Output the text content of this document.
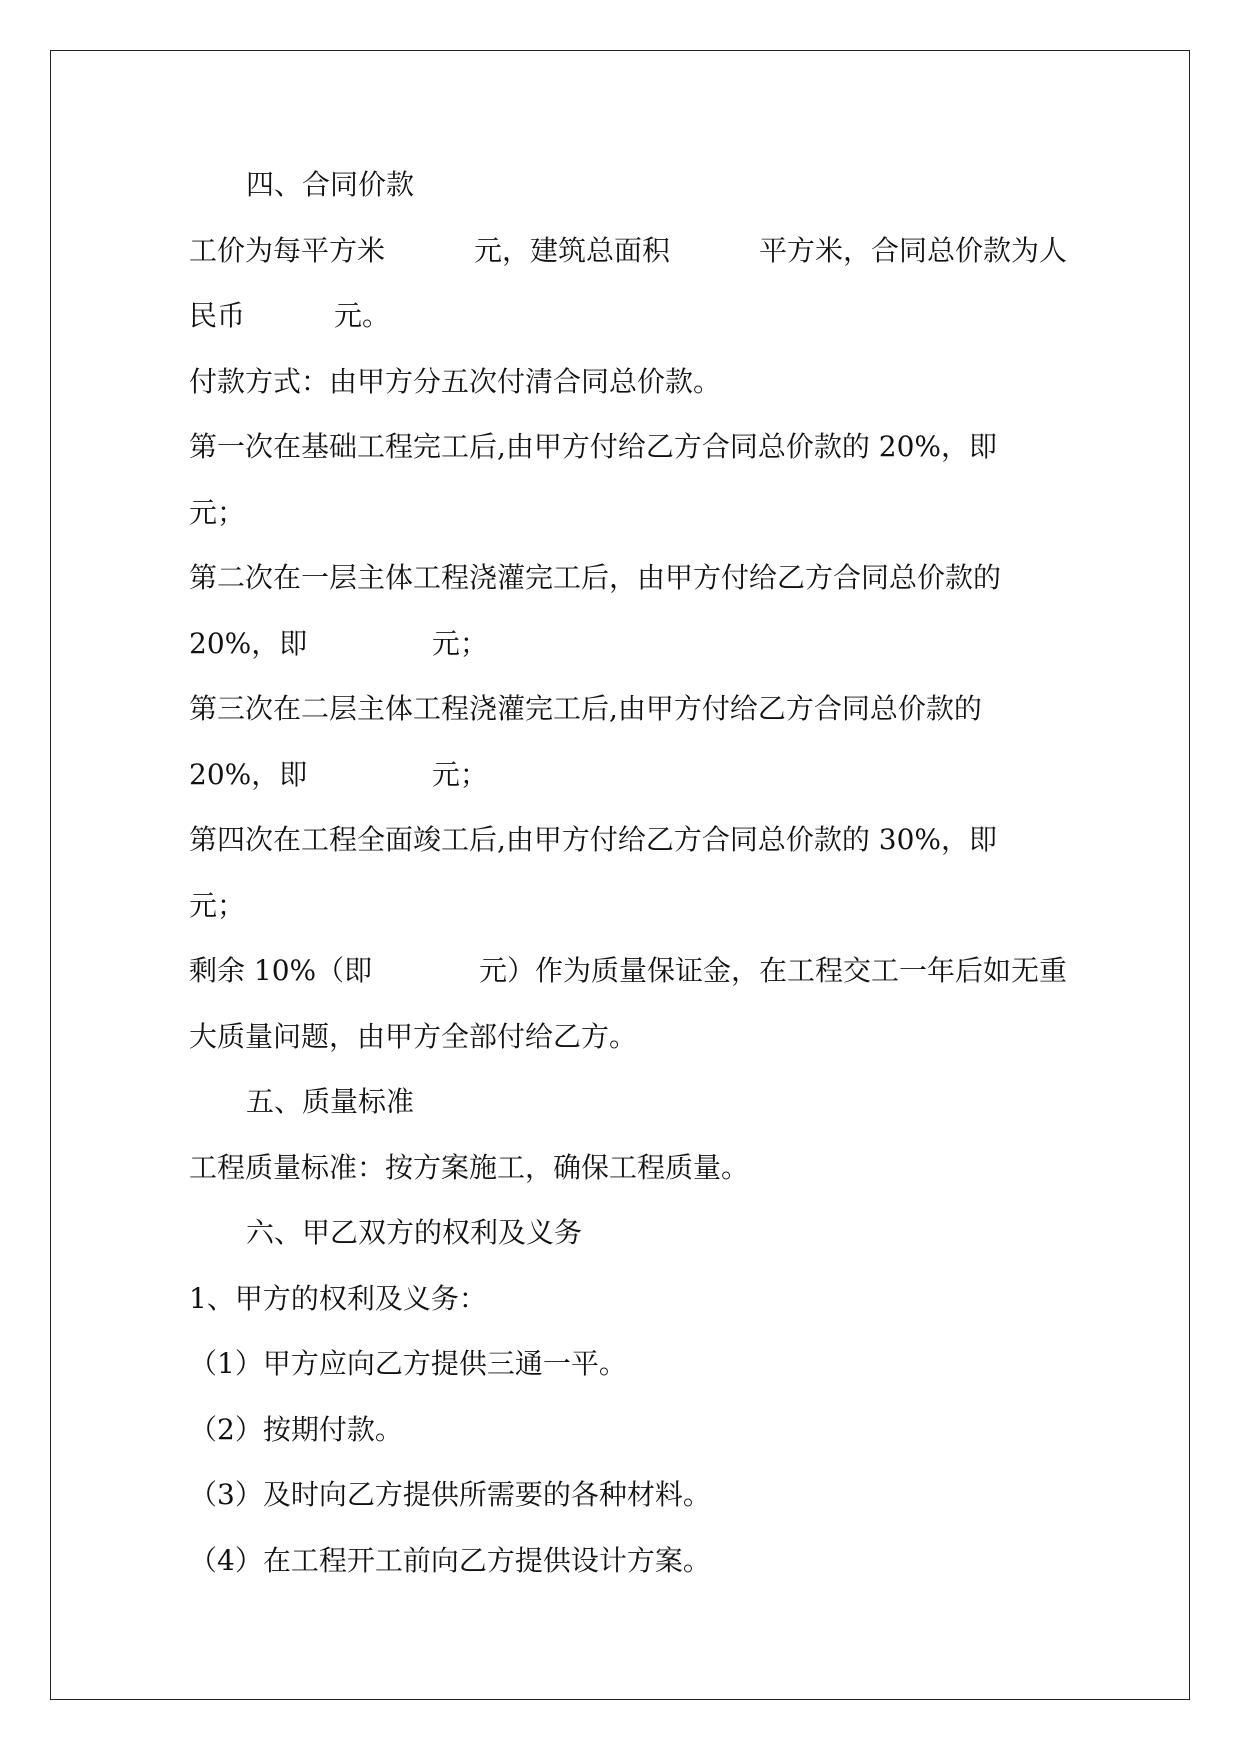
四、合同价款
工价为每平方米          元，建筑总面积          平方米，合同总价款为人
民币          元。
付款方式：由甲方分五次付清合同总价款。
第一次在基础工程完工后,由甲方付给乙方合同总价款的 20%，即
元；
第二次在一层主体工程浇灌完工后，由甲方付给乙方合同总价款的
20%，即              元；
第三次在二层主体工程浇灌完工后,由甲方付给乙方合同总价款的
20%，即              元；
第四次在工程全面竣工后,由甲方付给乙方合同总价款的 30%，即
元；
剩余 10%（即            元）作为质量保证金，在工程交工一年后如无重
大质量问题，由甲方全部付给乙方。
五、质量标准
工程质量标准：按方案施工，确保工程质量。
六、甲乙双方的权利及义务
1、甲方的权利及义务：
（1）甲方应向乙方提供三通一平。
（2）按期付款。
（3）及时向乙方提供所需要的各种材料。
（4）在工程开工前向乙方提供设计方案。
